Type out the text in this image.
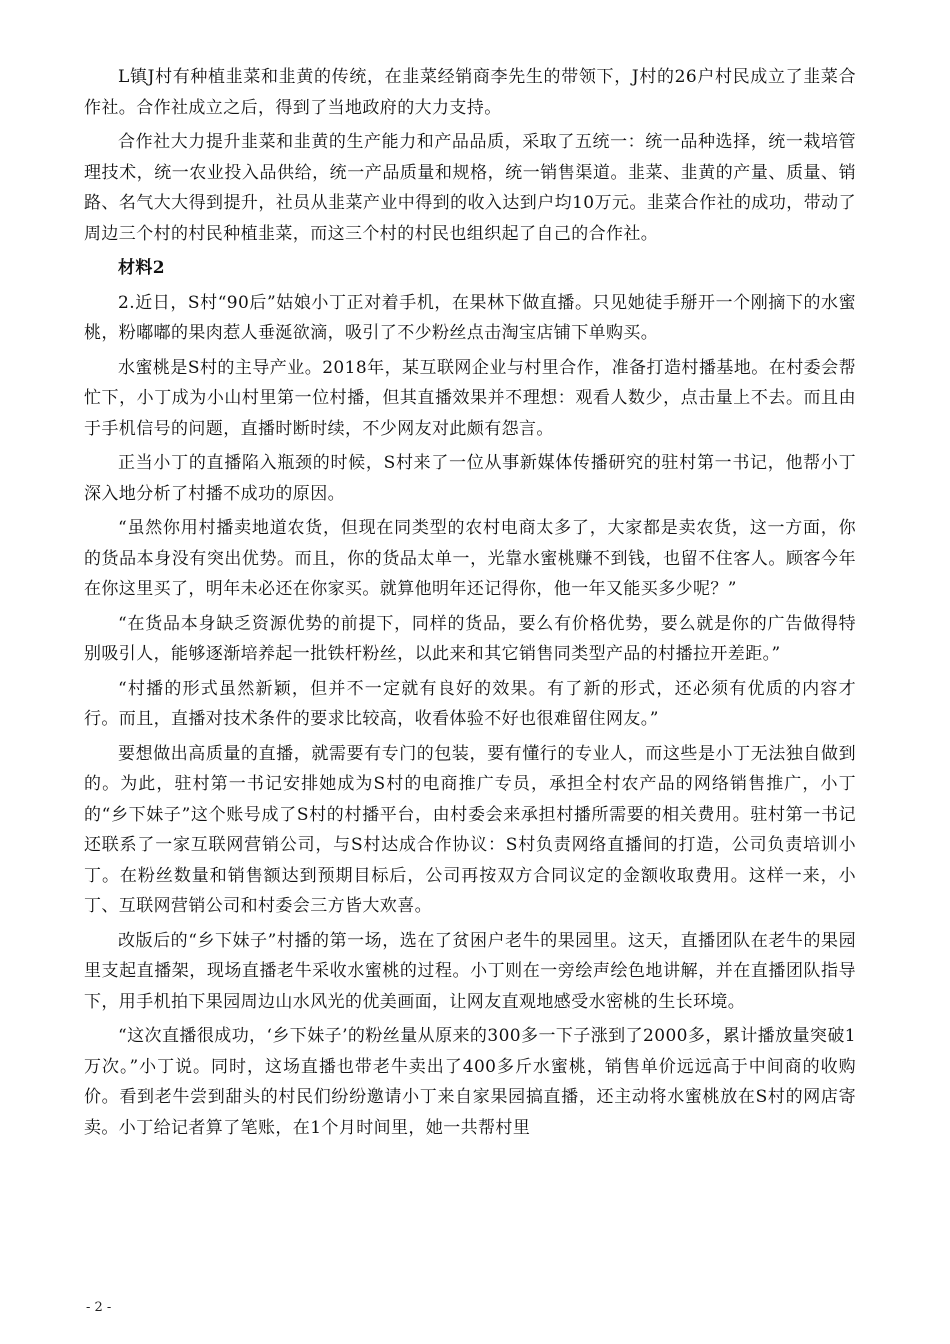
L镇J村有种植韭菜和韭黄的传统，在韭菜经销商李先生的带领下，J村的26户村民成立了韭菜合作社。合作社成立之后，得到了当地政府的大力支持。

合作社大力提升韭菜和韭黄的生产能力和产品品质，采取了五统一：统一品种选择，统一栽培管理技术，统一农业投入品供给，统一产品质量和规格，统一销售渠道。韭菜、韭黄的产量、质量、销路、名气大大得到提升，社员从韭菜产业中得到的收入达到户均10万元。韭菜合作社的成功，带动了周边三个村的村民种植韭菜，而这三个村的村民也组织起了自己的合作社。

材料2

2.近日，S村“90后”姑娘小丁正对着手机，在果林下做直播。只见她徒手掰开一个刚摘下的水蜜桃，粉嘟嘟的果肉惹人垂涎欲滴，吸引了不少粉丝点击淘宝店铺下单购买。

水蜜桃是S村的主导产业。2018年，某互联网企业与村里合作，准备打造村播基地。在村委会帮忙下，小丁成为小山村里第一位村播，但其直播效果并不理想：观看人数少，点击量上不去。而且由于手机信号的问题，直播时断时续，不少网友对此颇有怨言。

正当小丁的直播陷入瓶颈的时候，S村来了一位从事新媒体传播研究的驻村第一书记，他帮小丁深入地分析了村播不成功的原因。

“虽然你用村播卖地道农货，但现在同类型的农村电商太多了，大家都是卖农货，这一方面，你的货品本身没有突出优势。而且，你的货品太单一，光靠水蜜桃赚不到钱，也留不住客人。顾客今年在你这里买了，明年未必还在你家买。就算他明年还记得你，他一年又能买多少呢？”

“在货品本身缺乏资源优势的前提下，同样的货品，要么有价格优势，要么就是你的广告做得特别吸引人，能够逐渐培养起一批铁杆粉丝，以此来和其它销售同类型产品的村播拉开差距。”

“村播的形式虽然新颖，但并不一定就有良好的效果。有了新的形式，还必须有优质的内容才行。而且，直播对技术条件的要求比较高，收看体验不好也很难留住网友。”

要想做出高质量的直播，就需要有专门的包装，要有懂行的专业人，而这些是小丁无法独自做到的。为此，驻村第一书记安排她成为S村的电商推广专员，承担全村农产品的网络销售推广，小丁的“乡下妹子”这个账号成了S村的村播平台，由村委会来承担村播所需要的相关费用。驻村第一书记还联系了一家互联网营销公司，与S村达成合作协议：S村负责网络直播间的打造，公司负责培训小丁。在粉丝数量和销售额达到预期目标后，公司再按双方合同议定的金额收取费用。这样一来，小丁、互联网营销公司和村委会三方皆大欢喜。

改版后的“乡下妹子”村播的第一场，选在了贫困户老牛的果园里。这天，直播团队在老牛的果园里支起直播架，现场直播老牛采收水蜜桃的过程。小丁则在一旁绘声绘色地讲解，并在直播团队指导下，用手机拍下果园周边山水风光的优美画面，让网友直观地感受水密桃的生长环境。

“这次直播很成功，‘乡下妹子’的粉丝量从原来的300多一下子涨到了2000多，累计播放量突破1万次。”小丁说。同时，这场直播也带老牛卖出了400多斤水蜜桃，销售单价远远高于中间商的收购价。看到老牛尝到甜头的村民们纷纷邀请小丁来自家果园搞直播，还主动将水蜜桃放在S村的网店寄卖。小丁给记者算了笔账，在1个月时间里，她一共帮村里

- 2 -
